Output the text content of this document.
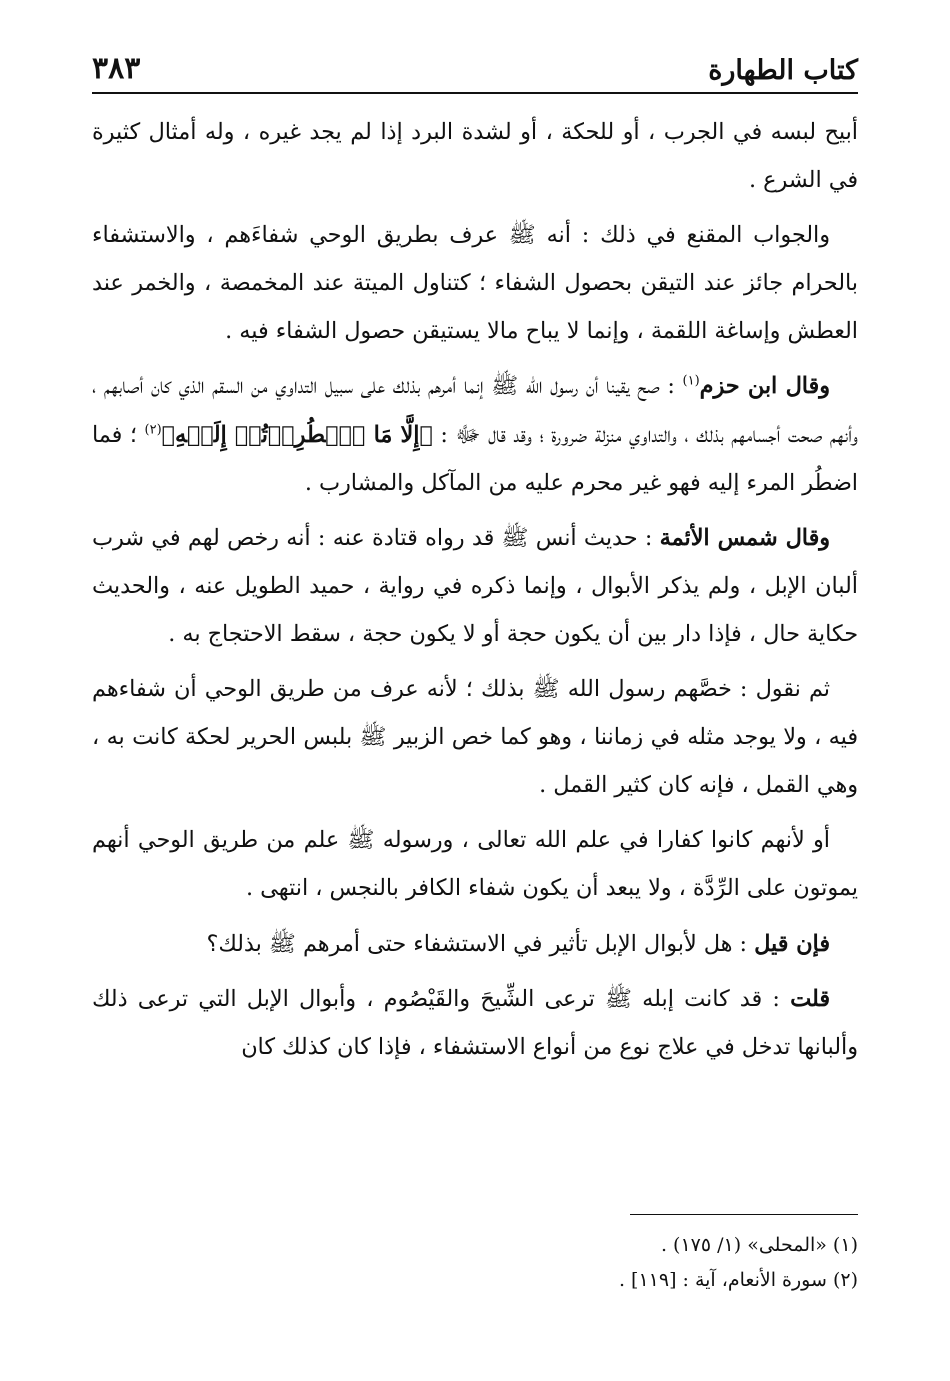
كتاب الطهارة
٣٨٣

أبيح لبسه في الجرب ، أو للحكة ، أو لشدة البرد إذا لم يجد غيره ، وله أمثال كثيرة في الشرع .

والجواب المقنع في ذلك : أنه ﷺ عرف بطريق الوحي شفاءَهم ، والاستشفاء بالحرام جائز عند التيقن بحصول الشفاء ؛ كتناول الميتة عند المخمصة ، والخمر عند العطش وإساغة اللقمة ، وإنما لا يباح مالا يستيقن حصول الشفاء فيه .

وقال ابن حزم$^{(١)}$ : صح يقينا أن رسول الله ﷺ إنما أمرهم بذلك على سبيل التداوي من السقم الذي كان أصابهم ، وأنهم صحت أجسامهم بذلك ، والتداوي منزلة ضرورة ؛ وقد قال ﷻ : ﴿إِلَّا مَا ٱضۡطُرِرۡتُمۡ إِلَيۡهِ﴾$^{(٢)}$ ؛ فما اضطُر المرء إليه فهو غير محرم عليه من المآكل والمشارب .

وقال شمس الأئمة : حديث أنس ﷺ قد رواه قتادة عنه : أنه رخص لهم في شرب ألبان الإبل ، ولم يذكر الأبوال ، وإنما ذكره في رواية ، حميد الطويل عنه ، والحديث حكاية حال ، فإذا دار بين أن يكون حجة أو لا يكون حجة ، سقط الاحتجاج به .

ثم نقول : خصَّهم رسول الله ﷺ بذلك ؛ لأنه عرف من طريق الوحي أن شفاءهم فيه ، ولا يوجد مثله في زماننا ، وهو كما خص الزبير ﷺ بلبس الحرير لحكة كانت به ، وهي القمل ، فإنه كان كثير القمل .

أو لأنهم كانوا كفارا في علم الله تعالى ، ورسوله ﷺ علم من طريق الوحي أنهم يموتون على الرِّدَّة ، ولا يبعد أن يكون شفاء الكافر بالنجس ، انتهى .

فإن قيل : هل لأبوال الإبل تأثير في الاستشفاء حتى أمرهم ﷺ بذلك؟

قلت : قد كانت إبله ﷺ ترعى الشِّيحَ والقَيْصُوم ، وأبوال الإبل التي ترعى ذلك وألبانها تدخل في علاج نوع من أنواع الاستشفاء ، فإذا كان كذلك كان

(١) «المحلى» (١/ ١٧٥) .
(٢) سورة الأنعام، آية : [١١٩] .
